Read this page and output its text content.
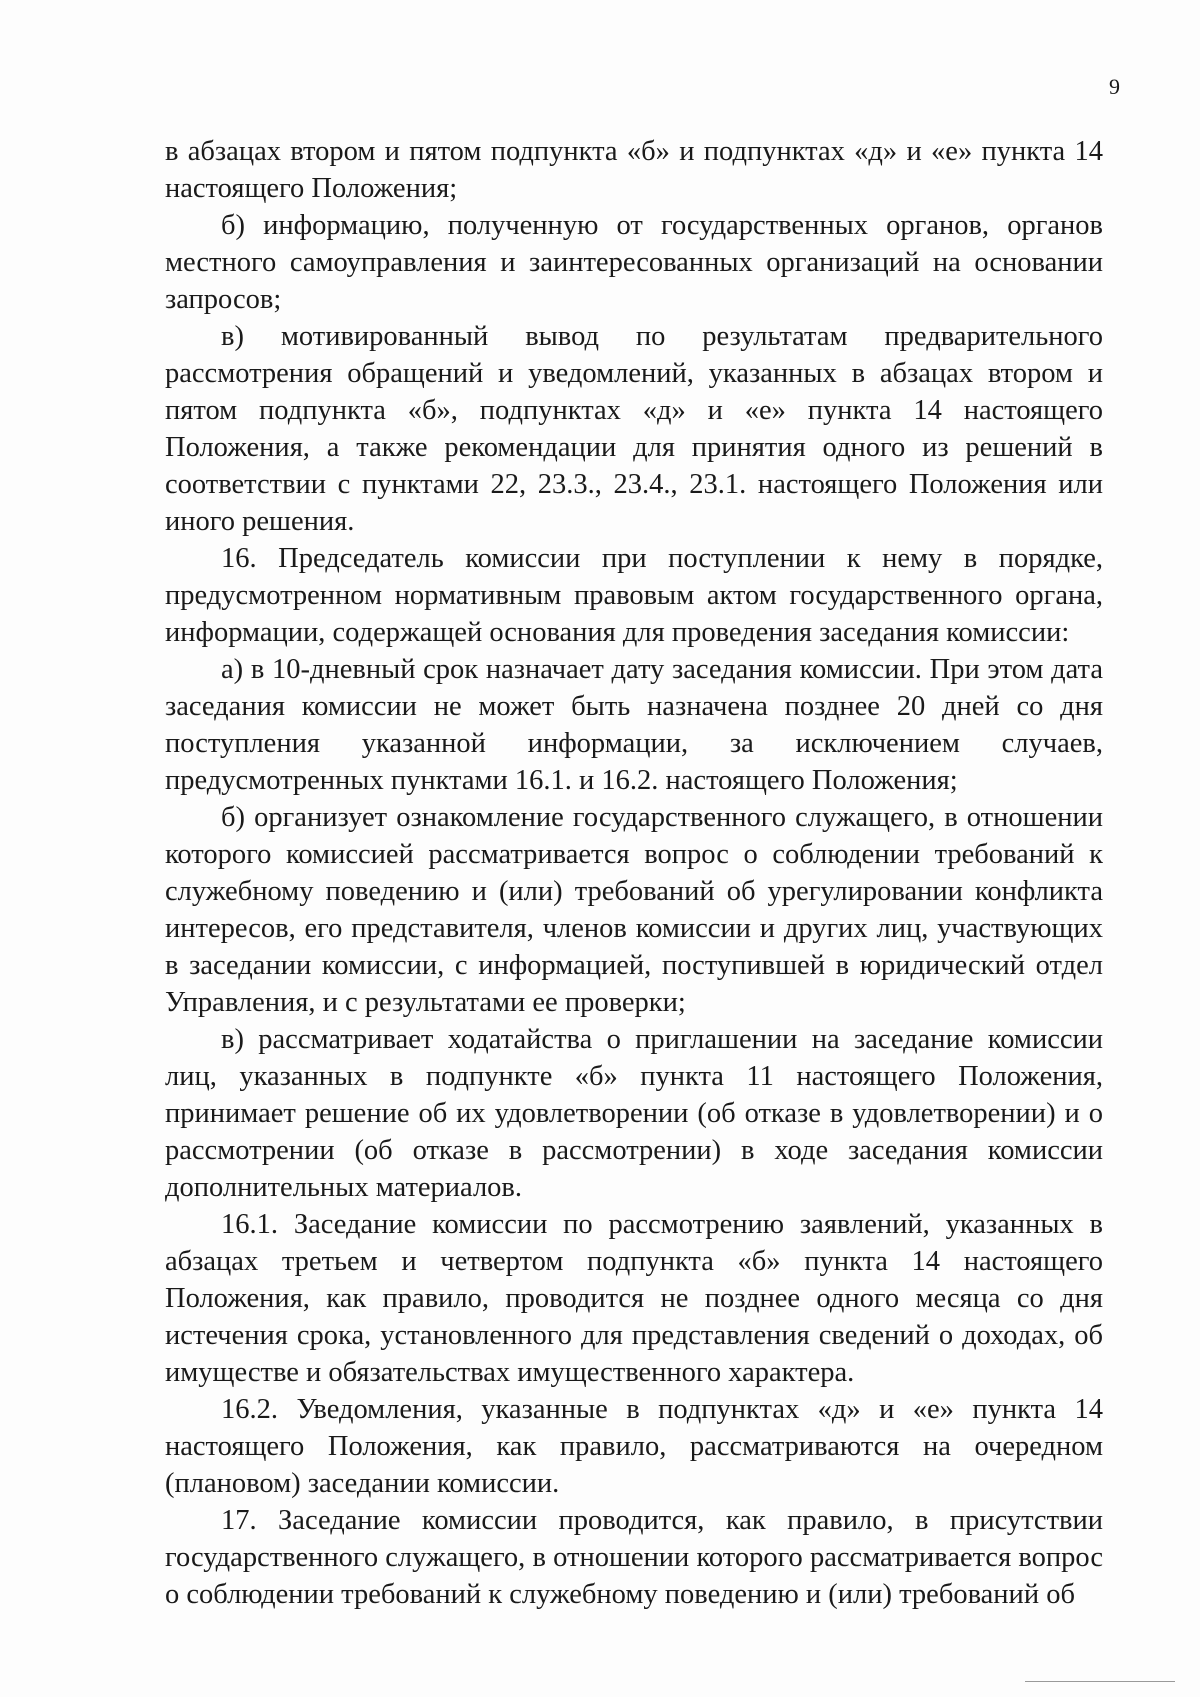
9

в абзацах втором и пятом подпункта «б» и подпунктах «д» и «е» пункта 14 настоящего Положения;

б) информацию, полученную от государственных органов, органов местного самоуправления и заинтересованных организаций на основании запросов;

в) мотивированный вывод по результатам предварительного рассмотрения обращений и уведомлений, указанных в абзацах втором и пятом подпункта «б», подпунктах «д» и «е» пункта 14 настоящего Положения, а также рекомендации для принятия одного из решений в соответствии с пунктами 22, 23.3., 23.4., 23.1. настоящего Положения или иного решения.

16. Председатель комиссии при поступлении к нему в порядке, предусмотренном нормативным правовым актом государственного органа, информации, содержащей основания для проведения заседания комиссии:

а) в 10-дневный срок назначает дату заседания комиссии. При этом дата заседания комиссии не может быть назначена позднее 20 дней со дня поступления указанной информации, за исключением случаев, предусмотренных пунктами 16.1. и 16.2. настоящего Положения;

б) организует ознакомление государственного служащего, в отношении которого комиссией рассматривается вопрос о соблюдении требований к служебному поведению и (или) требований об урегулировании конфликта интересов, его представителя, членов комиссии и других лиц, участвующих в заседании комиссии, с информацией, поступившей в юридический отдел Управления, и с результатами ее проверки;

в) рассматривает ходатайства о приглашении на заседание комиссии лиц, указанных в подпункте «б» пункта 11 настоящего Положения, принимает решение об их удовлетворении (об отказе в удовлетворении) и о рассмотрении (об отказе в рассмотрении) в ходе заседания комиссии дополнительных материалов.

16.1. Заседание комиссии по рассмотрению заявлений, указанных в абзацах третьем и четвертом подпункта «б» пункта 14 настоящего Положения, как правило, проводится не позднее одного месяца со дня истечения срока, установленного для представления сведений о доходах, об имуществе и обязательствах имущественного характера.

16.2. Уведомления, указанные в подпунктах «д» и «е» пункта 14 настоящего Положения, как правило, рассматриваются на очередном (плановом) заседании комиссии.

17. Заседание комиссии проводится, как правило, в присутствии государственного служащего, в отношении которого рассматривается вопрос о соблюдении требований к служебному поведению и (или) требований об
